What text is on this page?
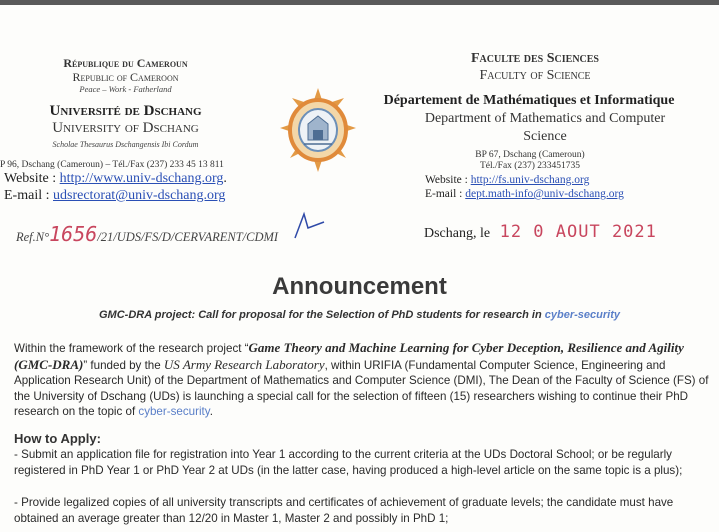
République du Cameroun
Republic of Cameroon
Peace – Work - Fatherland
Université de Dschang
University of Dschang
Scholae Thesaurus Dschangensis Ibi Cordum
P 96, Dschang (Cameroun) – Tél./Fax (237) 233 45 13 811
Website : http://www.univ-dschang.org.
E-mail : udsrectorat@univ-dschang.org
Faculte des Sciences
Faculty of Science
Département de Mathématiques et Informatique
Department of Mathematics and Computer Science
BP 67, Dschang (Cameroun)
Tél./Fax (237) 233451735
Website : http://fs.univ-dschang.org
E-mail : dept.math-info@univ-dschang.org
Ref.N°1656/21/UDS/FS/D/CERVARENT/CDMI	Dschang, le 12 0 AOUT 2021
Announcement
GMC-DRA project: Call for proposal for the Selection of PhD students for research in cyber-security
Within the framework of the research project “Game Theory and Machine Learning for Cyber Deception, Resilience and Agility (GMC-DRA)” funded by the US Army Research Laboratory, within URIFIA (Fundamental Computer Science, Engineering and Application Research Unit) of the Department of Mathematics and Computer Science (DMI), The Dean of the Faculty of Science (FS) of the University of Dschang (UDs) is launching a special call for the selection of fifteen (15) researchers wishing to continue their PhD research on the topic of cyber-security.
How to Apply:
- Submit an application file for registration into Year 1 according to the current criteria at the UDs Doctoral School; or be regularly registered in PhD Year 1 or PhD Year 2 at UDs (in the latter case, having produced a high-level article on the same topic is a plus);
- Provide legalized copies of all university transcripts and certificates of achievement of graduate levels; the candidate must have obtained an average greater than 12/20 in Master 1, Master 2 and possibly in PhD 1;
